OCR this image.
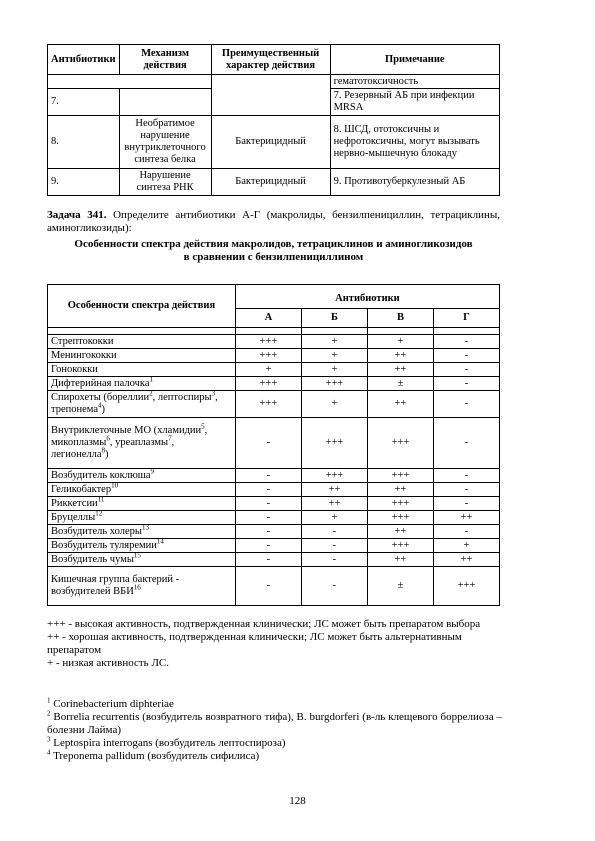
Антибиотики	Механизм действия	Преимущественный характер действия	Примечание
			гематотоксичность
7.			7. Резервный АБ при инфекции MRSA
8.	Необратимое нарушение внутриклеточного синтеза белка	Бактерицидный	8. ШСД, ототоксичны и нефротоксичны, могут вызывать нервно-мышечную блокаду
9.	Нарушение синтеза РНК	Бактерицидный	9. Противотуберкулезный АБ
Задача 341. Определите антибиотики А-Г (макролиды, бензилпенициллин, тетрациклины, аминогликозиды):
Особенности спектра действия макролидов, тетрациклинов и аминогликозидов
в сравнении с бензилпенициллином
Особенности спектра действия	Антибиотики			
	А	Б	В	Г

Стрептококки	+++	+	+	-
Менингококки	+++	+	++	-
Гонококки	+	+	++	-
Дифтерийная палочка$^1$	+++	+++	±	-
Спирохеты (бореллии$^2$, лептоспиры$^3$, трепонема$^4$)	+++	+	++	-
Внутриклеточные МО (хламидии$^5$, микоплазмы$^6$, уреаплазмы$^7$, легионелла$^8$)	-	+++	+++	-
Возбудитель коклюша$^9$	-	+++	+++	-
Геликобактер$^{10}$	-	++	++	-
Риккетсии$^{11}$	-	++	+++	-
Бруцеллы$^{12}$	-	+	+++	++
Возбудитель холеры$^{13}$	-	-	++	-
Возбудитель туляремии$^{14}$	-	-	+++	+
Возбудитель чумы$^{15}$	-	-	++	++
Кишечная группа бактерий - возбудителей ВБИ$^{16}$	-	-	±	+++

+++ - высокая активность, подтвержденная клинически; ЛС может быть препаратом выбора

++ - хорошая активность, подтвержденная клинически; ЛС может быть альтернативным препаратом

+ - низкая активность ЛС.

$^1$ Corinebacterium diphteriae

$^2$ Borrelia recurrentis (возбудитель возвратного тифа), B. burgdorferi (в-ль клещевого боррелиоза – болезни Лайма)

$^3$ Leptospira interrogans (возбудитель лептоспироза)

$^4$ Treponema pallidum (возбудитель сифилиса)

128
